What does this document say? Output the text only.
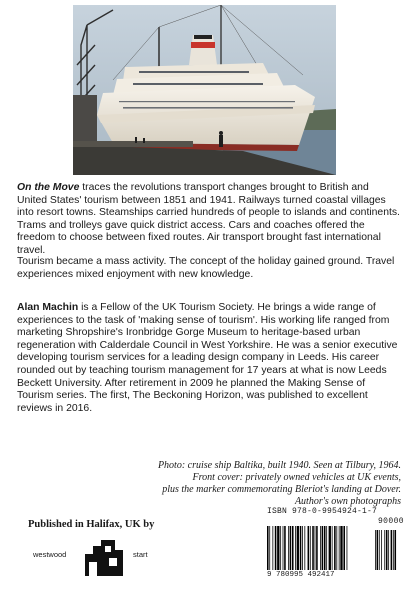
On the Move traces the revolutions transport changes brought to British and United States' tourism between 1851 and 1941. Railways turned coastal villages into resort towns. Steamships carried hundreds of people to islands and continents. Trams and trolleys gave quick district access. Cars and coaches offered the freedom to choose between fixed routes. Air transport brought fast international travel.
Tourism became a mass activity. The concept of the holiday gained ground. Travel experiences mixed enjoyment with new knowledge.
Alan Machin is a Fellow of the UK Tourism Society. He brings a wide range of experiences to the task of 'making sense of tourism'. His working life ranged from marketing Shropshire's Ironbridge Gorge Museum to heritage-based urban regeneration with Calderdale Council in West Yorkshire. He was a senior executive developing tourism services for a leading design company in Leeds. His career rounded out by teaching tourism management for 17 years at what is now Leeds Beckett University. After retirement in 2009 he planned the Making Sense of Tourism series. The first, The Beckoning Horizon, was published to excellent reviews in 2016.
Photo: cruise ship Baltika, built 1940. Seen at Tilbury, 1964.
Front cover: privately owned vehicles at UK events,
plus the marker commemorating Bleriot's landing at Dover.
Author's own photographs
Published in Halifax, UK by
westwood	start
ISBN 978-0-9954924-1-7
90000
9 780995 492417
